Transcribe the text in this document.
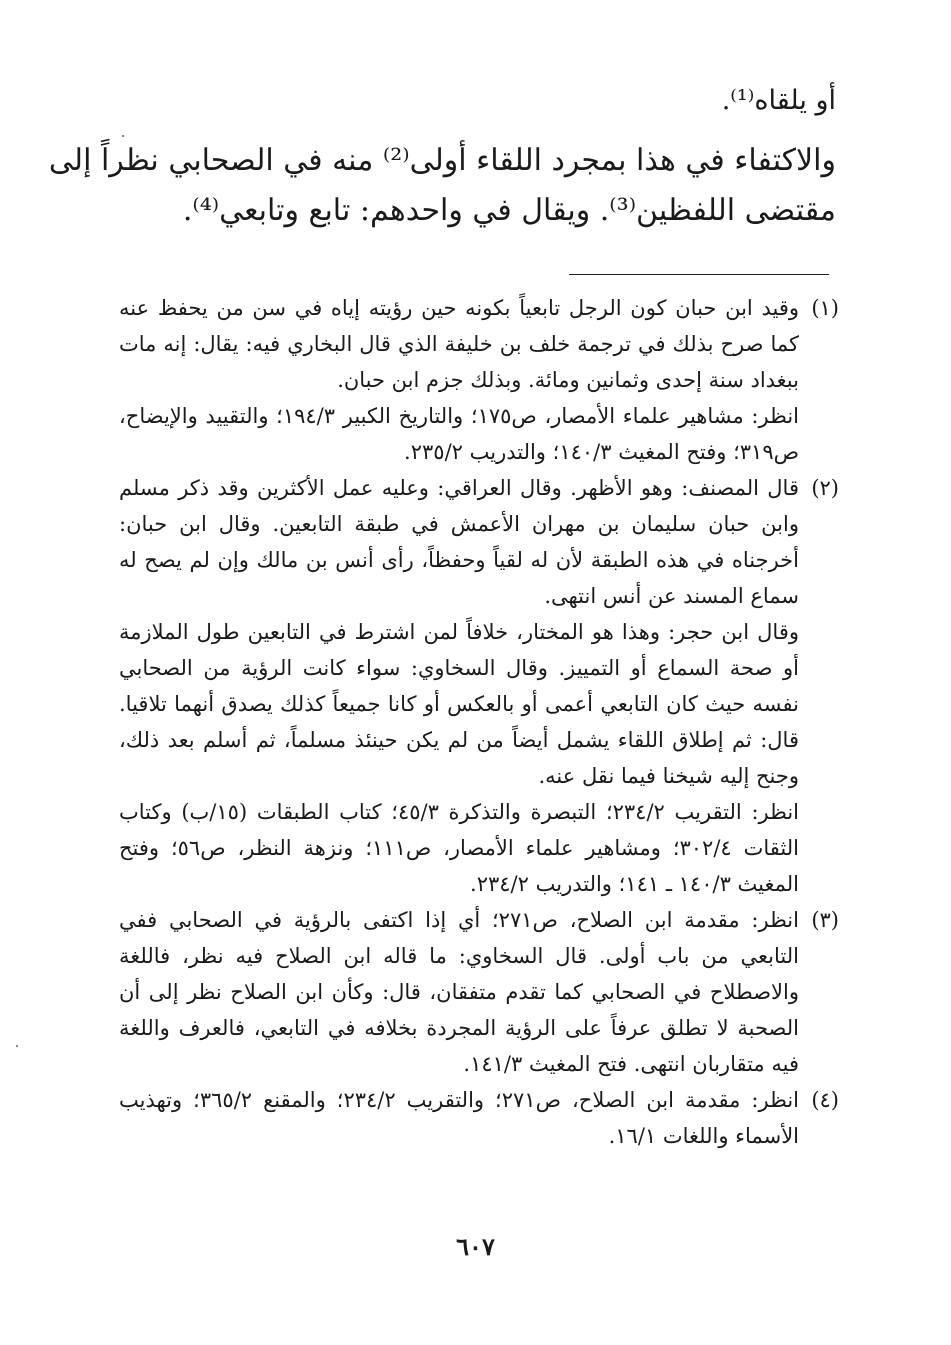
أو يلقاه⁽¹⁾.
والاكتفاء في هذا بمجرد اللقاء أولى⁽²⁾ منه في الصحابي نظراً إلى
مقتضى اللفظين⁽³⁾. ويقال في واحدهم: تابع وتابعي⁽⁴⁾.
(١)

وقيد ابن حبان كون الرجل تابعياً بكونه حين رؤيته إياه في سن من يحفظ عنه كما صرح بذلك في ترجمة خلف بن خليفة الذي قال البخاري فيه: يقال: إنه مات ببغداد سنة إحدى وثمانين ومائة. وبذلك جزم ابن حبان.

انظر: مشاهير علماء الأمصار، ص١٧٥؛ والتاريخ الكبير ١٩٤/٣؛ والتقييد والإيضاح، ص٣١٩؛ وفتح المغيث ١٤٠/٣؛ والتدريب ٢٣٥/٢.

(٢)

قال المصنف: وهو الأظهر. وقال العراقي: وعليه عمل الأكثرين وقد ذكر مسلم وابن حبان سليمان بن مهران الأعمش في طبقة التابعين. وقال ابن حبان: أخرجناه في هذه الطبقة لأن له لقياً وحفظاً، رأى أنس بن مالك وإن لم يصح له سماع المسند عن أنس انتهى.

وقال ابن حجر: وهذا هو المختار، خلافاً لمن اشترط في التابعين طول الملازمة أو صحة السماع أو التمييز. وقال السخاوي: سواء كانت الرؤية من الصحابي نفسه حيث كان التابعي أعمى أو بالعكس أو كانا جميعاً كذلك يصدق أنهما تلاقيا. قال: ثم إطلاق اللقاء يشمل أيضاً من لم يكن حينئذ مسلماً، ثم أسلم بعد ذلك، وجنح إليه شيخنا فيما نقل عنه.

انظر: التقريب ٢٣٤/٢؛ التبصرة والتذكرة ٤٥/٣؛ كتاب الطبقات (١٥/ب) وكتاب الثقات ٣٠٢/٤؛ ومشاهير علماء الأمصار، ص١١١؛ ونزهة النظر، ص٥٦؛ وفتح المغيث ١٤٠/٣ ـ ١٤١؛ والتدريب ٢٣٤/٢.

(٣)

انظر: مقدمة ابن الصلاح، ص٢٧١؛ أي إذا اكتفى بالرؤية في الصحابي ففي التابعي من باب أولى. قال السخاوي: ما قاله ابن الصلاح فيه نظر، فاللغة والاصطلاح في الصحابي كما تقدم متفقان، قال: وكأن ابن الصلاح نظر إلى أن الصحبة لا تطلق عرفاً على الرؤية المجردة بخلافه في التابعي، فالعرف واللغة فيه متقاربان انتهى. فتح المغيث ١٤١/٣.

(٤)

انظر: مقدمة ابن الصلاح، ص٢٧١؛ والتقريب ٢٣٤/٢؛ والمقنع ٣٦٥/٢؛ وتهذيب الأسماء واللغات ١٦/١.

٦٠٧
